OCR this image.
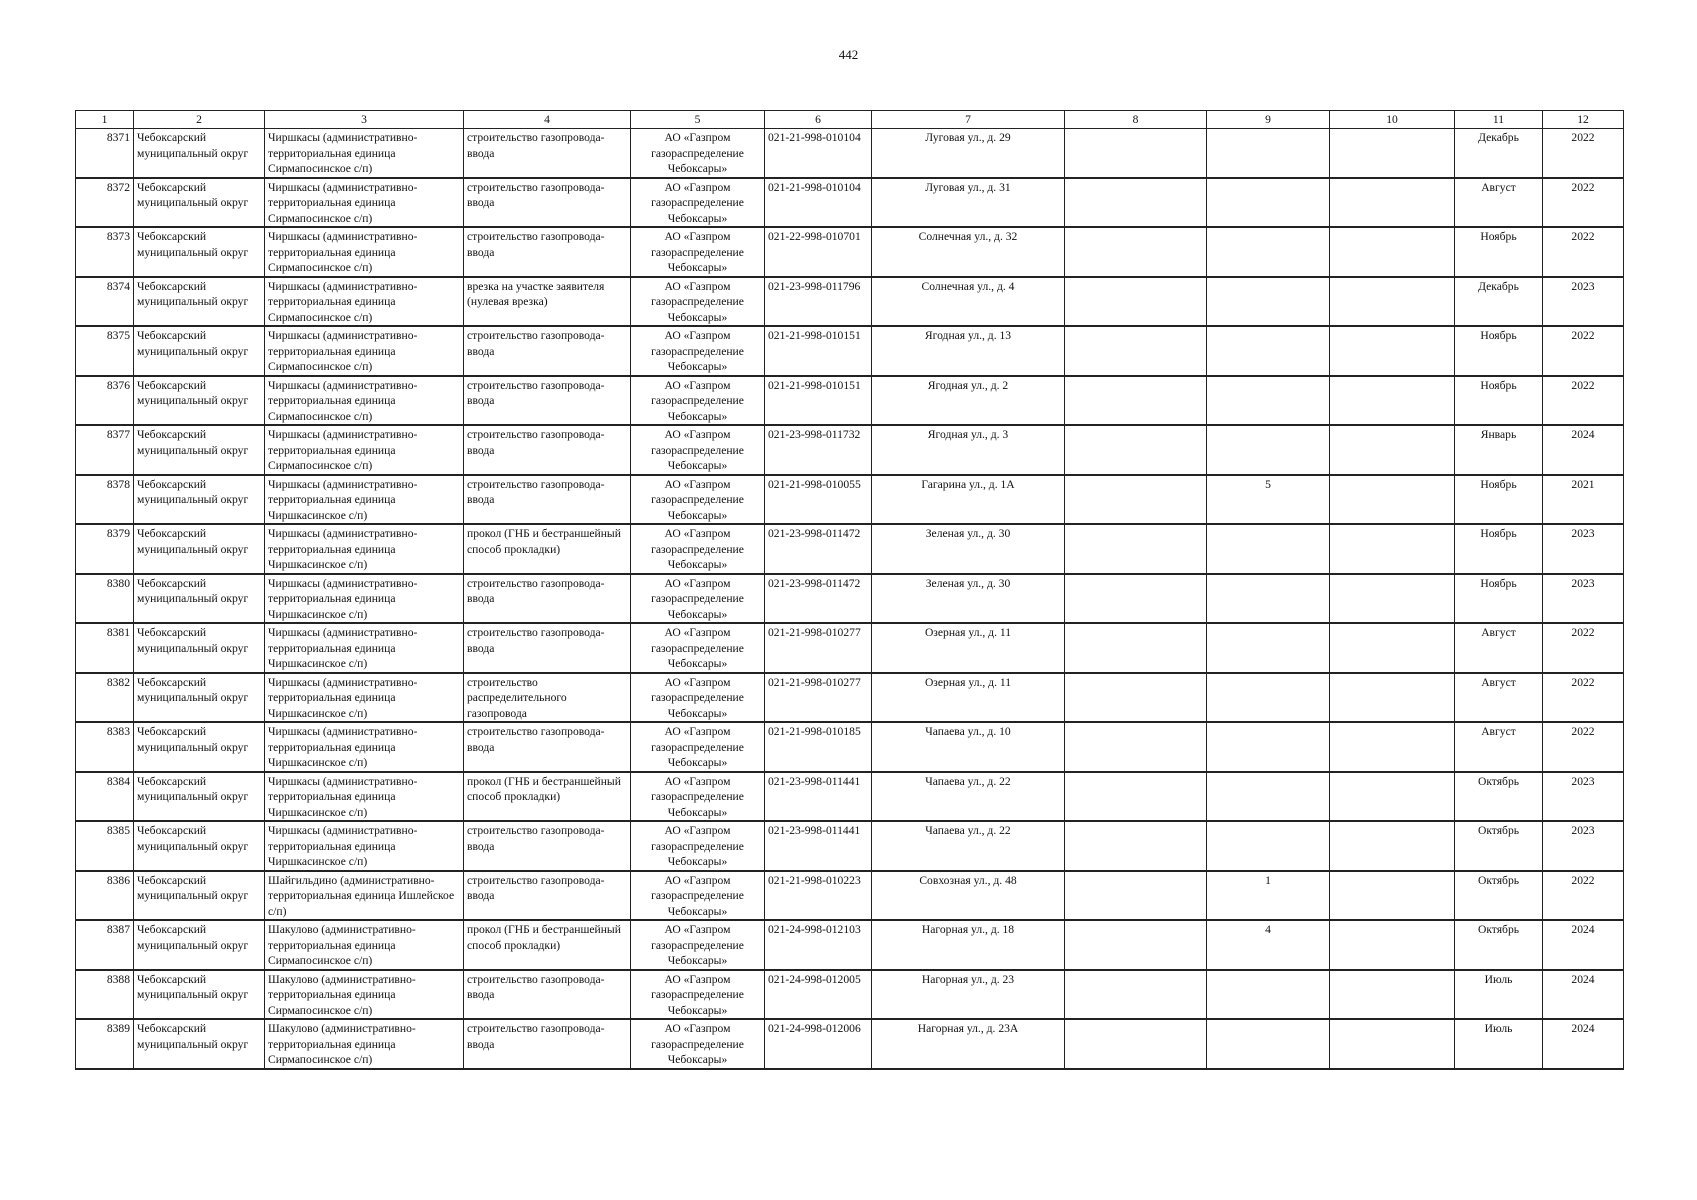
442
1	2	3	4	5	6	7	8	9	10	11	12
8371	Чебоксарский муниципальный округ	Чиршкасы (административно-территориальная единица Сирмапосинское с/п)	строительство газопровода-ввода	АО «Газпром газораспределение Чебоксары»	021-21-998-010104	Луговая ул., д. 29				Декабрь	2022
8372	Чебоксарский муниципальный округ	Чиршкасы (административно-территориальная единица Сирмапосинское с/п)	строительство газопровода-ввода	АО «Газпром газораспределение Чебоксары»	021-21-998-010104	Луговая ул., д. 31				Август	2022
8373	Чебоксарский муниципальный округ	Чиршкасы (административно-территориальная единица Сирмапосинское с/п)	строительство газопровода-ввода	АО «Газпром газораспределение Чебоксары»	021-22-998-010701	Солнечная ул., д. 32				Ноябрь	2022
8374	Чебоксарский муниципальный округ	Чиршкасы (административно-территориальная единица Сирмапосинское с/п)	врезка на участке заявителя (нулевая врезка)	АО «Газпром газораспределение Чебоксары»	021-23-998-011796	Солнечная ул., д. 4				Декабрь	2023
8375	Чебоксарский муниципальный округ	Чиршкасы (административно-территориальная единица Сирмапосинское с/п)	строительство газопровода-ввода	АО «Газпром газораспределение Чебоксары»	021-21-998-010151	Ягодная ул., д. 13				Ноябрь	2022
8376	Чебоксарский муниципальный округ	Чиршкасы (административно-территориальная единица Сирмапосинское с/п)	строительство газопровода-ввода	АО «Газпром газораспределение Чебоксары»	021-21-998-010151	Ягодная ул., д. 2				Ноябрь	2022
8377	Чебоксарский муниципальный округ	Чиршкасы (административно-территориальная единица Сирмапосинское с/п)	строительство газопровода-ввода	АО «Газпром газораспределение Чебоксары»	021-23-998-011732	Ягодная ул., д. 3				Январь	2024
8378	Чебоксарский муниципальный округ	Чиршкасы (административно-территориальная единица Чиршкасинское с/п)	строительство газопровода-ввода	АО «Газпром газораспределение Чебоксары»	021-21-998-010055	Гагарина ул., д. 1А		5		Ноябрь	2021
8379	Чебоксарский муниципальный округ	Чиршкасы (административно-территориальная единица Чиршкасинское с/п)	прокол (ГНБ и бестраншейный способ прокладки)	АО «Газпром газораспределение Чебоксары»	021-23-998-011472	Зеленая ул., д. 30				Ноябрь	2023
8380	Чебоксарский муниципальный округ	Чиршкасы (административно-территориальная единица Чиршкасинское с/п)	строительство газопровода-ввода	АО «Газпром газораспределение Чебоксары»	021-23-998-011472	Зеленая ул., д. 30				Ноябрь	2023
8381	Чебоксарский муниципальный округ	Чиршкасы (административно-территориальная единица Чиршкасинское с/п)	строительство газопровода-ввода	АО «Газпром газораспределение Чебоксары»	021-21-998-010277	Озерная ул., д. 11				Август	2022
8382	Чебоксарский муниципальный округ	Чиршкасы (административно-территориальная единица Чиршкасинское с/п)	строительство распределительного газопровода	АО «Газпром газораспределение Чебоксары»	021-21-998-010277	Озерная ул., д. 11				Август	2022
8383	Чебоксарский муниципальный округ	Чиршкасы (административно-территориальная единица Чиршкасинское с/п)	строительство газопровода-ввода	АО «Газпром газораспределение Чебоксары»	021-21-998-010185	Чапаева ул., д. 10				Август	2022
8384	Чебоксарский муниципальный округ	Чиршкасы (административно-территориальная единица Чиршкасинское с/п)	прокол (ГНБ и бестраншейный способ прокладки)	АО «Газпром газораспределение Чебоксары»	021-23-998-011441	Чапаева ул., д. 22				Октябрь	2023
8385	Чебоксарский муниципальный округ	Чиршкасы (административно-территориальная единица Чиршкасинское с/п)	строительство газопровода-ввода	АО «Газпром газораспределение Чебоксары»	021-23-998-011441	Чапаева ул., д. 22				Октябрь	2023
8386	Чебоксарский муниципальный округ	Шайгильдино (административно-территориальная единица Ишлейское с/п)	строительство газопровода-ввода	АО «Газпром газораспределение Чебоксары»	021-21-998-010223	Совхозная ул., д. 48		1		Октябрь	2022
8387	Чебоксарский муниципальный округ	Шакулово (административно-территориальная единица Сирмапосинское с/п)	прокол (ГНБ и бестраншейный способ прокладки)	АО «Газпром газораспределение Чебоксары»	021-24-998-012103	Нагорная ул., д. 18		4		Октябрь	2024
8388	Чебоксарский муниципальный округ	Шакулово (административно-территориальная единица Сирмапосинское с/п)	строительство газопровода-ввода	АО «Газпром газораспределение Чебоксары»	021-24-998-012005	Нагорная ул., д. 23				Июль	2024
8389	Чебоксарский муниципальный округ	Шакулово (административно-территориальная единица Сирмапосинское с/п)	строительство газопровода-ввода	АО «Газпром газораспределение Чебоксары»	021-24-998-012006	Нагорная ул., д. 23А				Июль	2024
